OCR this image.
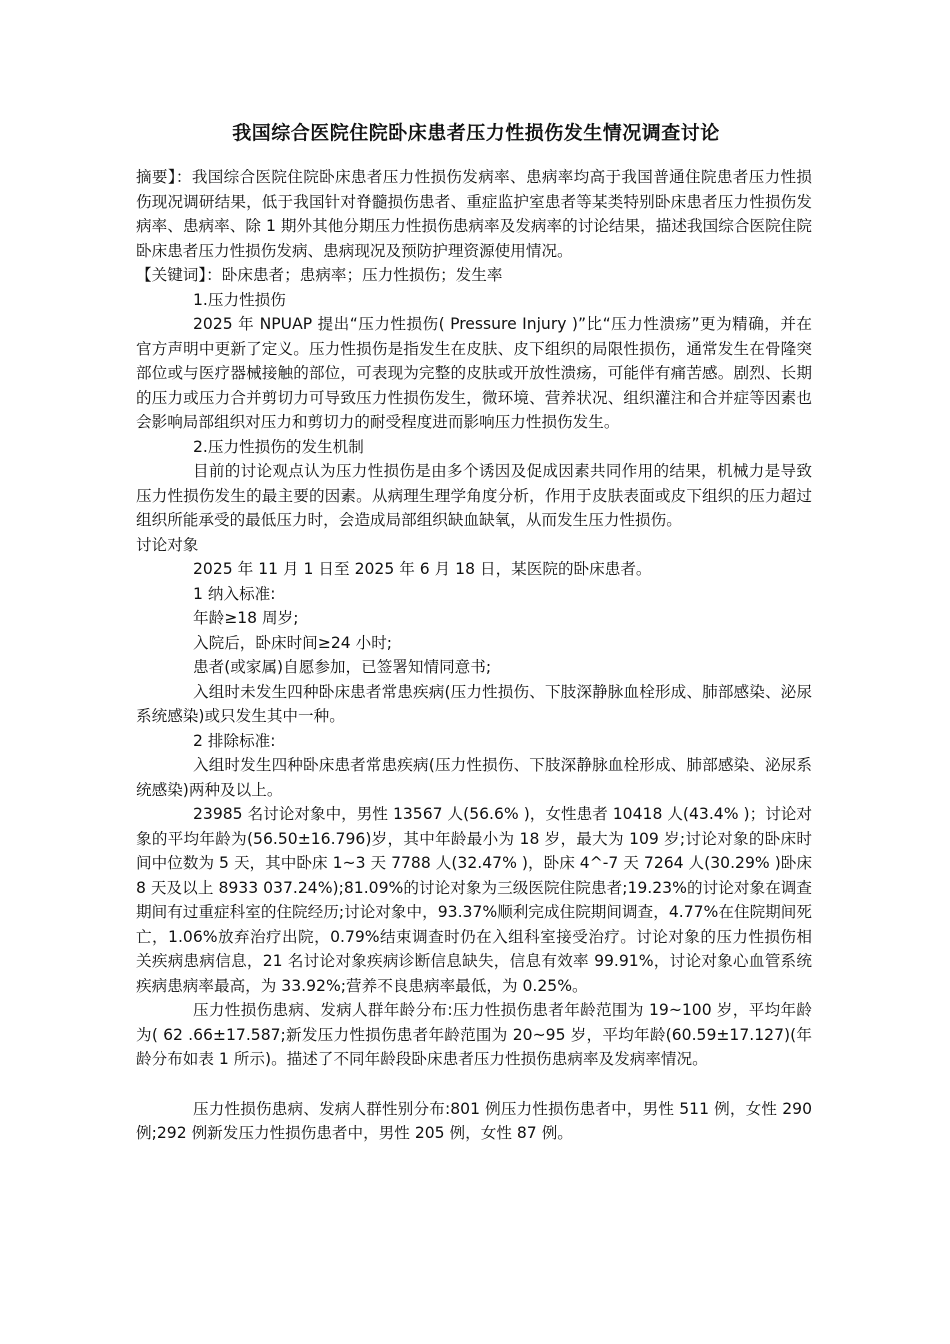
我国综合医院住院卧床患者压力性损伤发生情况调查讨论

摘要】：我国综合医院住院卧床患者压力性损伤发病率、患病率均高于我国普通住院患者压力性损伤现况调研结果，低于我国针对脊髓损伤患者、重症监护室患者等某类特别卧床患者压力性损伤发病率、患病率、除 1 期外其他分期压力性损伤患病率及发病率的讨论结果，描述我国综合医院住院卧床患者压力性损伤发病、患病现况及预防护理资源使用情况。

【关键词】：卧床患者；患病率；压力性损伤；发生率

1.压力性损伤

2025 年 NPUAP 提出“压力性损伤( Pressure Injury )”比“压力性溃疡”更为精确，并在官方声明中更新了定义。压力性损伤是指发生在皮肤、皮下组织的局限性损伤，通常发生在骨隆突部位或与医疗器械接触的部位，可表现为完整的皮肤或开放性溃疡，可能伴有痛苦感。剧烈、长期的压力或压力合并剪切力可导致压力性损伤发生，微环境、营养状况、组织灌注和合并症等因素也会影响局部组织对压力和剪切力的耐受程度进而影响压力性损伤发生。

2.压力性损伤的发生机制

目前的讨论观点认为压力性损伤是由多个诱因及促成因素共同作用的结果，机械力是导致压力性损伤发生的最主要的因素。从病理生理学角度分析，作用于皮肤表面或皮下组织的压力超过组织所能承受的最低压力时，会造成局部组织缺血缺氧，从而发生压力性损伤。

讨论对象

2025 年 11 月 1 日至 2025 年 6 月 18 日，某医院的卧床患者。

1 纳入标准:

年龄≥18 周岁;

入院后，卧床时间≥24 小时;

患者(或家属)自愿参加，已签署知情同意书;

入组时未发生四种卧床患者常患疾病(压力性损伤、下肢深静脉血栓形成、肺部感染、泌尿系统感染)或只发生其中一种。

2 排除标准:

入组时发生四种卧床患者常患疾病(压力性损伤、下肢深静脉血栓形成、肺部感染、泌尿系统感染)两种及以上。

23985 名讨论对象中，男性 13567 人(56.6% )，女性患者 10418 人(43.4% )；讨论对象的平均年龄为(56.50±16.796)岁，其中年龄最小为 18 岁，最大为 109 岁;讨论对象的卧床时间中位数为 5 天，其中卧床 1~3 天 7788 人(32.47% )，卧床 4^-7 天 7264 人(30.29% )卧床 8 天及以上 8933 037.24%);81.09%的讨论对象为三级医院住院患者;19.23%的讨论对象在调查期间有过重症科室的住院经历;讨论对象中，93.37%顺利完成住院期间调查，4.77%在住院期间死亡，1.06%放弃治疗出院，0.79%结束调查时仍在入组科室接受治疗。讨论对象的压力性损伤相关疾病患病信息，21 名讨论对象疾病诊断信息缺失，信息有效率 99.91%，讨论对象心血管系统疾病患病率最高，为 33.92%;营养不良患病率最低，为 0.25%。

压力性损伤患病、发病人群年龄分布:压力性损伤患者年龄范围为 19~100 岁，平均年龄为( 62 .66±17.587;新发压力性损伤患者年龄范围为 20~95 岁，平均年龄(60.59±17.127)(年龄分布如表 1 所示)。描述了不同年龄段卧床患者压力性损伤患病率及发病率情况。

压力性损伤患病、发病人群性别分布:801 例压力性损伤患者中，男性 511 例，女性 290 例;292 例新发压力性损伤患者中，男性 205 例，女性 87 例。
